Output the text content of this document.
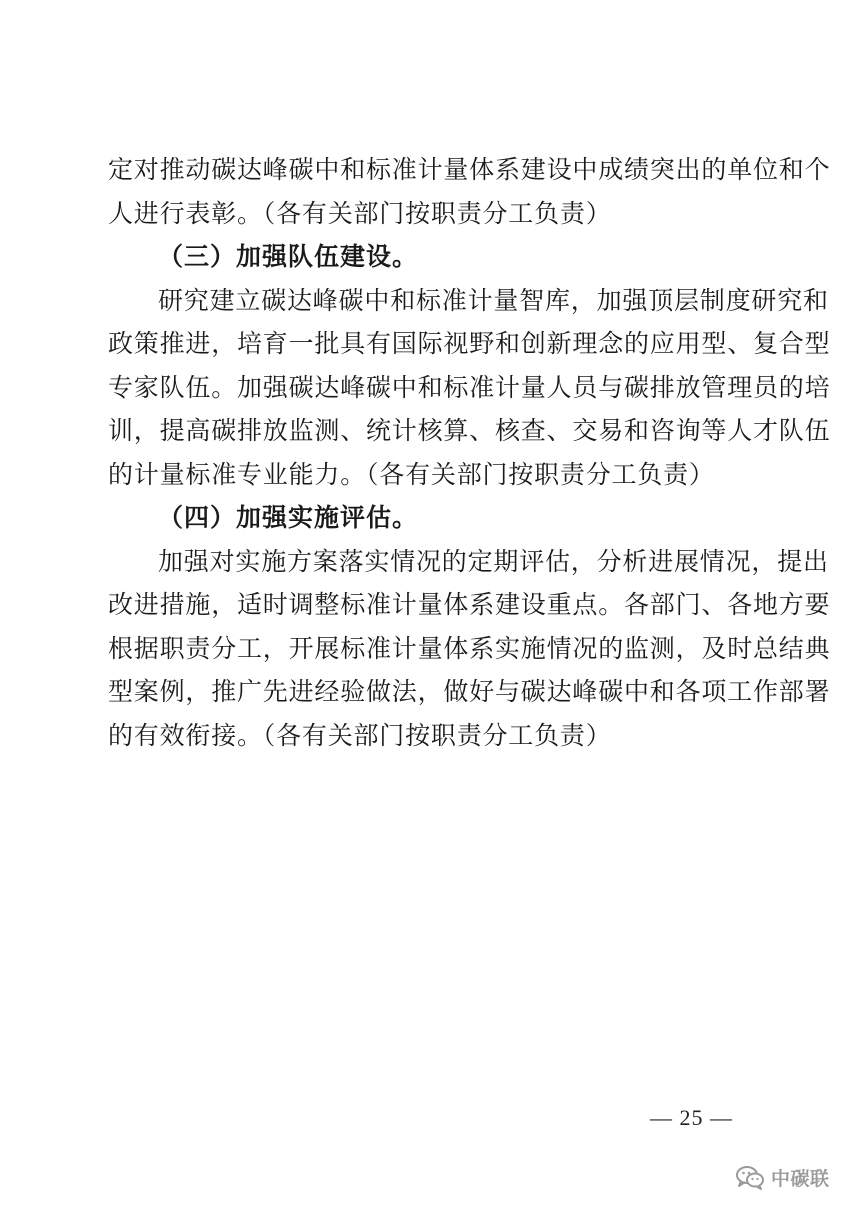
定对推动碳达峰碳中和标准计量体系建设中成绩突出的单位和个
人进行表彰。（各有关部门按职责分工负责）
（三）加强队伍建设。
研究建立碳达峰碳中和标准计量智库，加强顶层制度研究和
政策推进，培育一批具有国际视野和创新理念的应用型、复合型
专家队伍。加强碳达峰碳中和标准计量人员与碳排放管理员的培
训，提高碳排放监测、统计核算、核查、交易和咨询等人才队伍
的计量标准专业能力。（各有关部门按职责分工负责）
（四）加强实施评估。
加强对实施方案落实情况的定期评估，分析进展情况，提出
改进措施，适时调整标准计量体系建设重点。各部门、各地方要
根据职责分工，开展标准计量体系实施情况的监测，及时总结典
型案例，推广先进经验做法，做好与碳达峰碳中和各项工作部署
的有效衔接。（各有关部门按职责分工负责）
— 25 —
中碳联
